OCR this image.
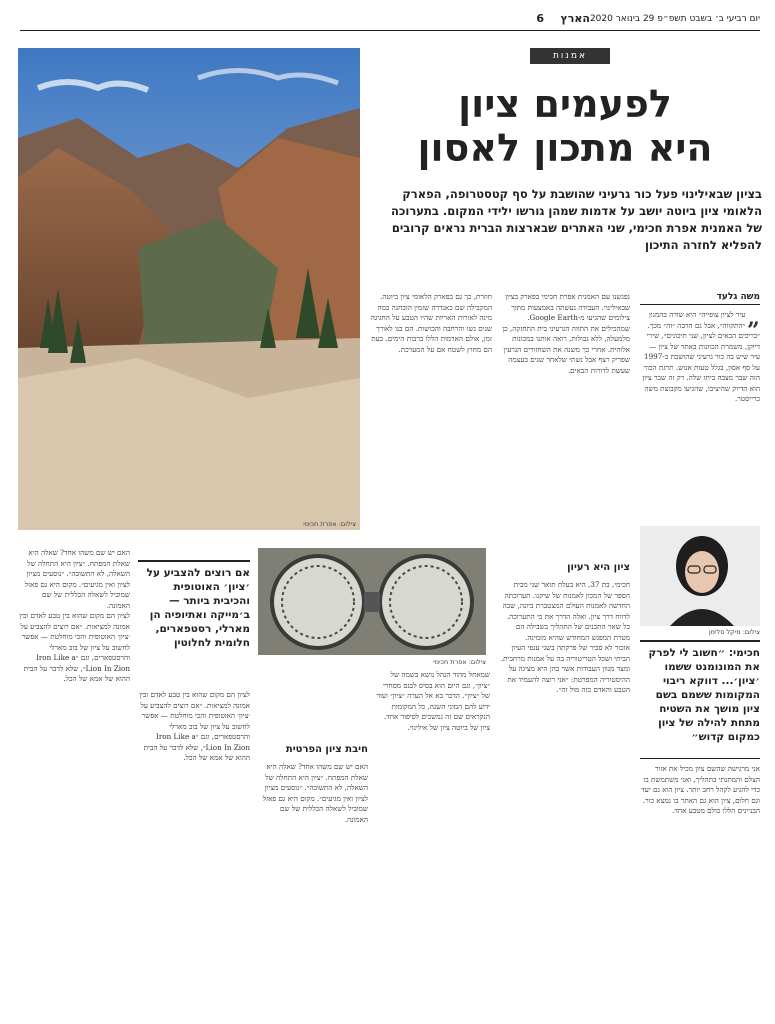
יום רביעי ב׳ בשבט תשפ״פ 29 בינואר 2020
הארץ
6
אמנות
צילום: אפרת חכימי
לפעמים ציון
היא מתכון לאסון
בציון שבאילינוי פעל כור גרעיני שהושבת על סף קטסטרופה, הפארק הלאומי ציון ביוטה יושב על אדמות שמהן גורשו ילידי המקום. בתערוכה של האמנית אפרת חכימי, שני האתרים שבארצות הברית נראים קרובים להפליא לחזרה התיכון
משה גלעד
„

עיר לציון צופייה״ היא שורה בהמנון ״התקווה״, אבל גם הרבה ״זה״ מכך. ״בריכים הבאים לציון, שני תיכונים״, שירי דיוקן, משמרת הכוונות באתר של ציון — עיר שיש בה כור גרעיני שהושבת ב-1997 על סף אסון, בגלל טעות אנוש. תרגת הכור הזה שבר מצבה ביתו שלה. רק זה שבר ציון הוא הדיוק שהיציבו, שהגיעו מקבוצת משה כרייסטר.

צילום: מיקל סלימן
חכימי: ״חשוב לי לפרק את המונומנט ששמו ׳ציון׳... דווקא ריבוי המקומות ששמם בשם ציון מושך את השטיח מתחת להילה של ציון כמקום קדוש״

אני מרגישה שהשם ציון מכיל את אזור הצלם והמתנתי בתהליך, ואני משתמשת בו כדי להגיע לקהל רחב יותר. ציון הוא גם יעד וגם חלום, ציון הוא גם האתר בו נמצא כור. הבניינים הללו כולם מטבע אחד.

נפגשנו עם האמנית אפרת חכימי בפארק בציון שבאילינוי. העבודה נעשתה באמצעות מתוך צילומים שהגיעו מ-Google Earth. שמהכילים את התווה הגרעיני בית התחזקה, כן מלמעלה, ללא גבולות, רואה אותנו במכונות אלוהית. אחרי כך משנה את השחזורים הגרעין שפריק רצף אבל נשתי שלאחר שנים בעצמה שעשת לדורות הבאים.

ציון היא רעיון

חכימי, בת 37, היא בעלת תואר שני מבית הספר של המכון לאמנות של שיקגו. תערוכתה החדשה לאמנות העולם המצטברת ביונה, שבה לדווח דרך ציון. ואלה הדרך את כי התערוכה. כל שאר התכנים של התהליך בשבילה הם מטרת המפגש המחודש שהיא מזמינה.

אזכור לא סביר של פרקתה בשני ענפי העיון הביתי ושכל הטריטוריה בה על אמנות מרחבית. ומצד מגוון העבודות אשר בהן היא מציגה על ההיסטוריה המפרטת: ״אני רוצה להעמיד את הטבע והאדם כזה מול זה״.

חוזרת, כך גם בפארק הלאומי ציון ביוטה. המקבילה שם כאנדרה שזמין הובחנה כמה מינה לאורות האריות שהיו הטבע על החגיגה שנים גשו והרחבה והכושות. הם בנו לאורך זמן, אולם האדמות הללו ברבות הימים. כעת הם מחוץ לשטח אם על המערכת.

צילום: אפרת חכימי

שמאחל מהוד הנהל נושא בשמה של ״ציון״, וגם היום הוא בסיס לכנס מסחרי של ״ציון״. הדבר בא אל הערה ״ציון״ ועוד ידוע להם המוני השנה, כל המקומות הנקראים שם זה נמשכים לסיפור אחד. ציון של ביוטה ציון של אילינוי.

חיבת ציון הפרטית

האם יש שם משהו אחד? שאלה היא שאלת המפתח. ״ציון היא התחלה של השאלה, לא התשובה״. ״נוסעים מציון לציון ואין מגיעים״. מקום היא גם פאזל שמוביל לשאלה הכללית של שם האמונה.

אם רוצים להצביע על ׳ציון׳ האוטופית והכיבית ביותר — ב׳מייקה ואתיופיה הן מארלי, רסטפארים, חלומית לחלוטין

לציון הם מקום שהוא בין טבע לאדם ובין אמונה למציאות. ״אם רוצים להצביע על ׳ציון׳ האוטופית והכי מוחלטת — אפשר לחשוב על ציון של בוב מארלי והרסטפארים, וגם ״Iron Like a Lion In Zion״, שלא לדבר על הבית ההוא של אמא של הכל.

האם יש שם משהו אחד? שאלה היא שאלת המפתח. ״ציון היא התחלה של השאלה, לא התשובה״. ״נוסעים מציון לציון ואין מגיעים״. מקום היא גם פאזל שמוביל לשאלה הכללית של שם האמונה.

לציון הם מקום שהוא בין טבע לאדם ובין אמונה למציאות. ״אם רוצים להצביע על ׳ציון׳ האוטופית והכי מוחלטת — אפשר לחשוב על ציון של בוב מארלי והרסטפארים, וגם ״Iron Like a Lion In Zion״, שלא לדבר על הבית ההוא של אמא של הכל.
